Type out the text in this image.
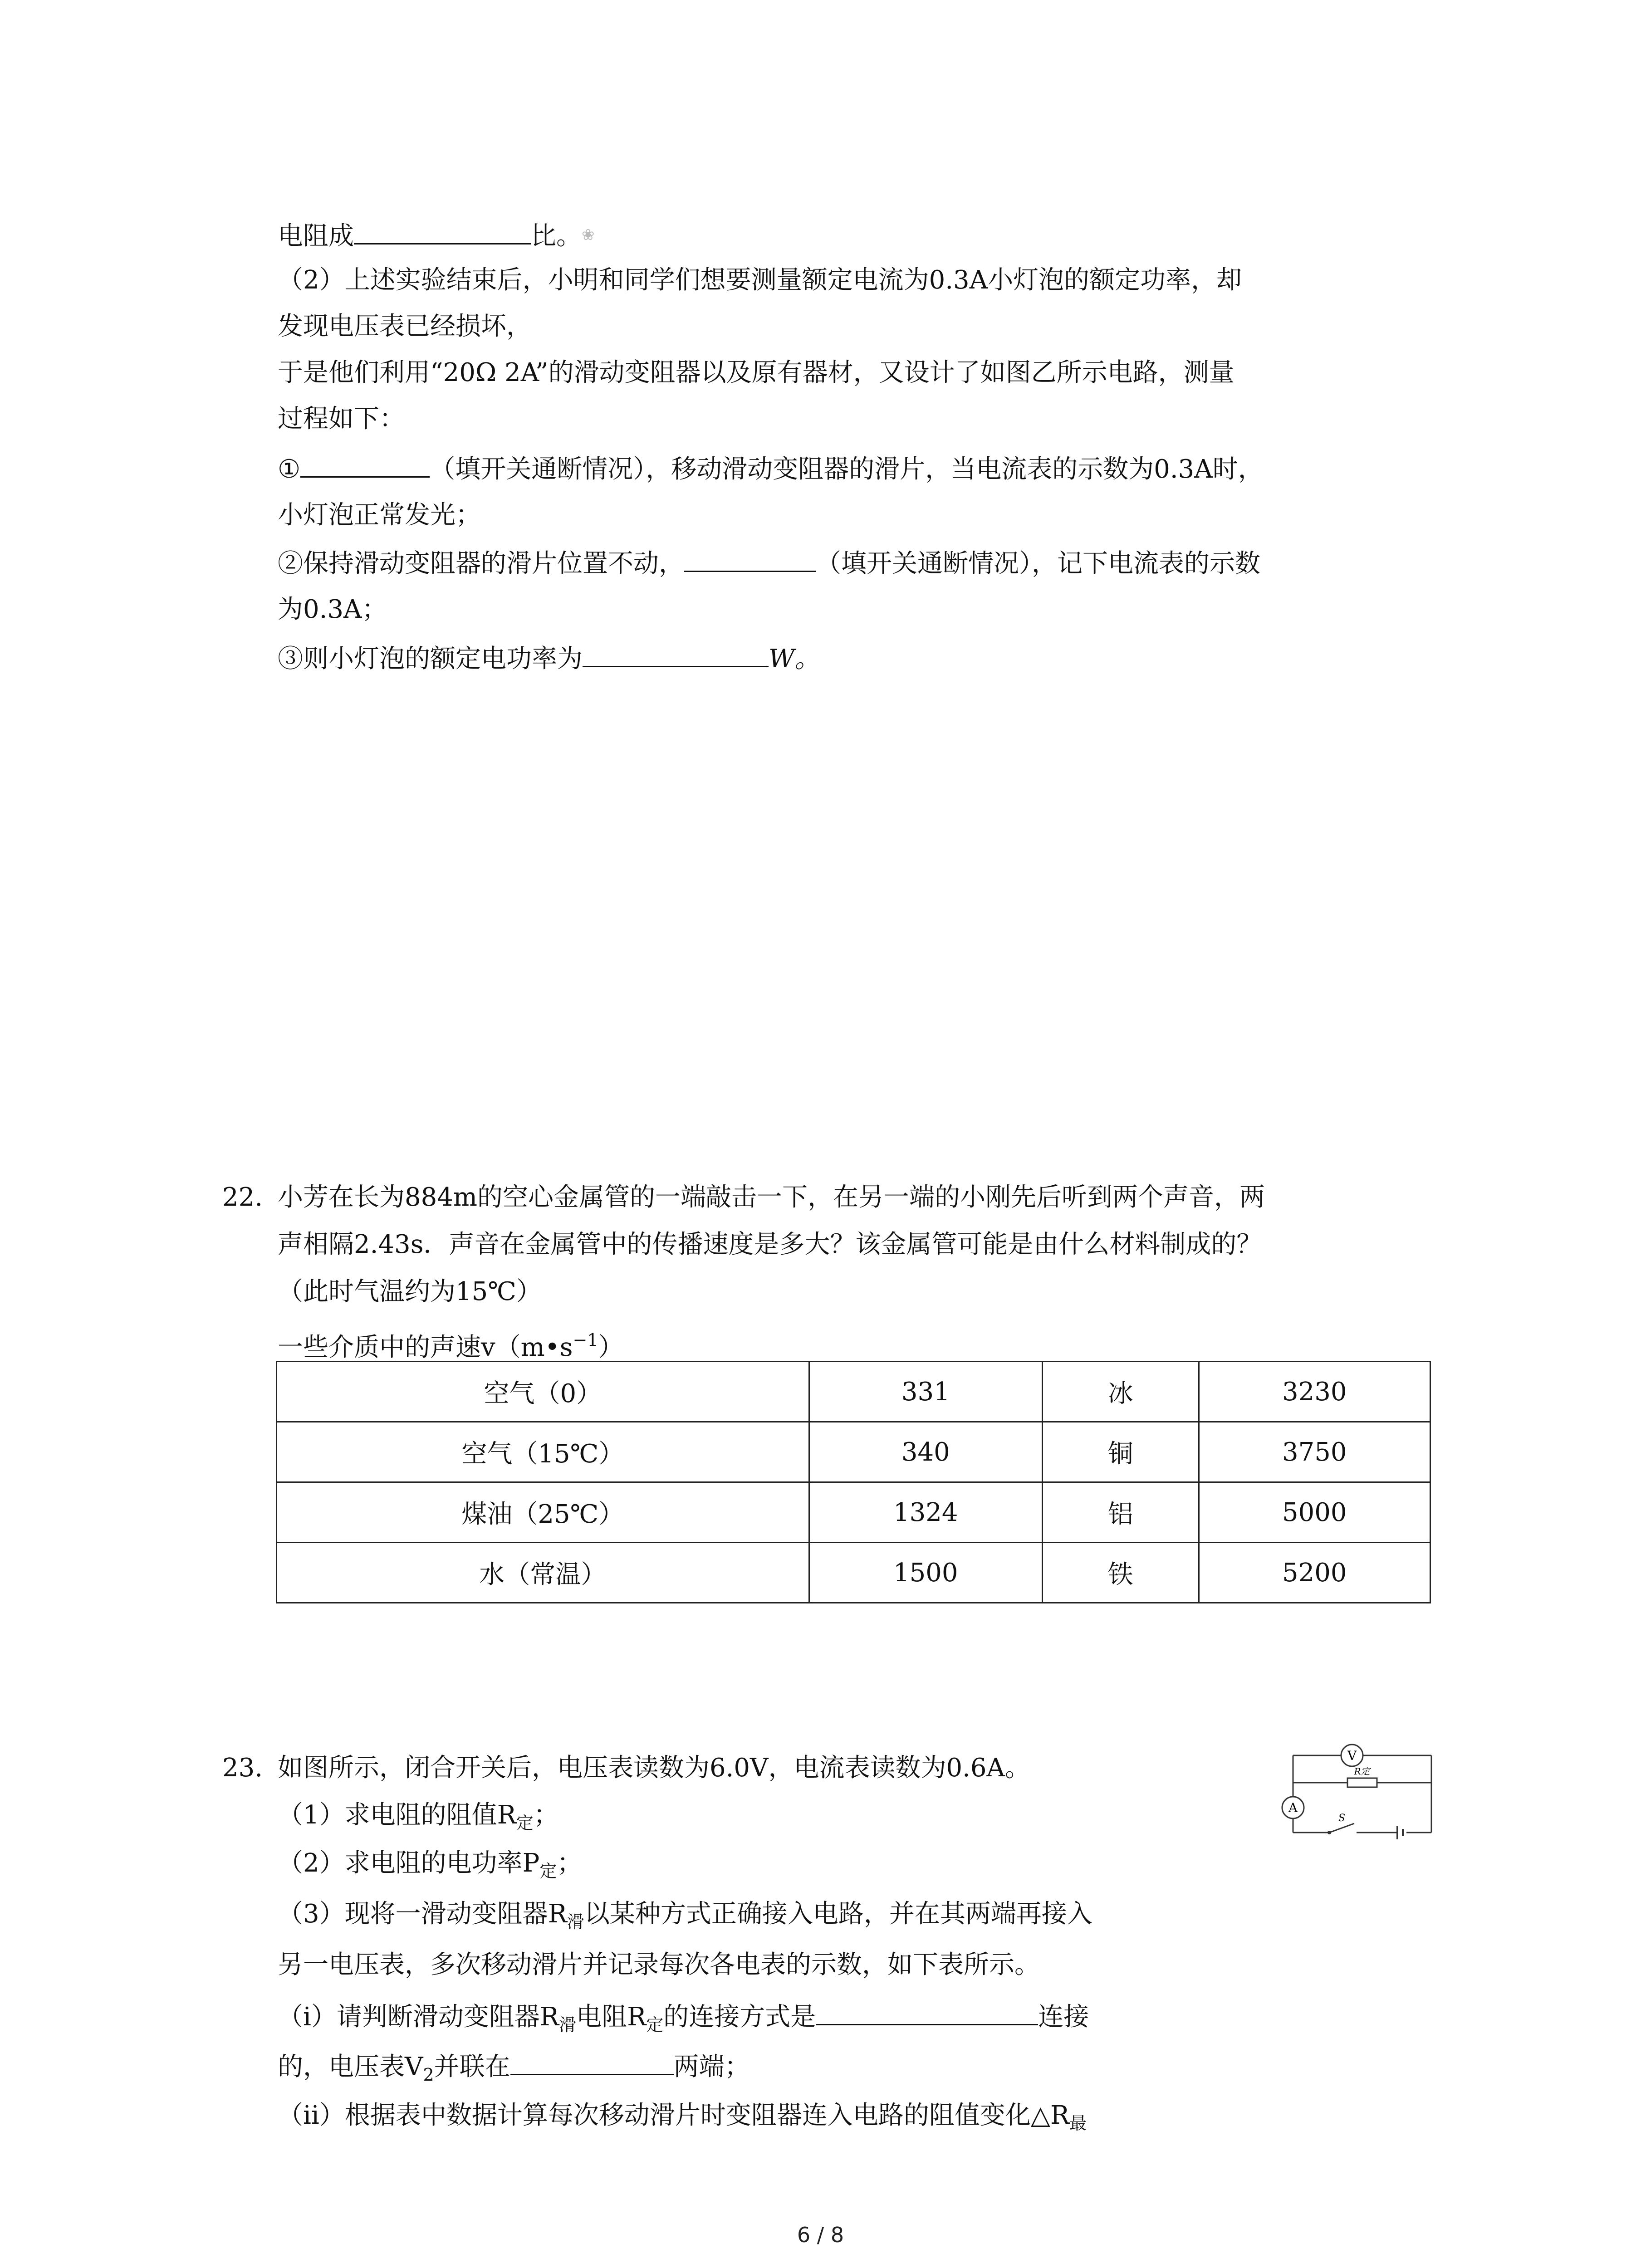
电阻成	比。❀
（2）上述实验结束后，小明和同学们想要测量额定电流为0.3A小灯泡的额定功率，却
发现电压表已经损坏，
于是他们利用“20Ω 2A”的滑动变阻器以及原有器材，又设计了如图乙所示电路，测量
过程如下：
①	（填开关通断情况），移动滑动变阻器的滑片，当电流表的示数为0.3A时，
小灯泡正常发光；
②保持滑动变阻器的滑片位置不动，	（填开关通断情况），记下电流表的示数
为0.3A；
③则小灯泡的额定电功率为	W。
22. 小芳在长为884m的空心金属管的一端敲击一下，在另一端的小刚先后听到两个声音，两
声相隔2.43s．声音在金属管中的传播速度是多大？该金属管可能是由什么材料制成的？
（此时气温约为15℃）
一些介质中的声速$v(m•s^{-1})$
空气（0）	331	冰	3230
空气（15℃）	340	铜	3750
煤油（25℃）	1324	铝	5000
水（常温）	1500	铁	5200
23. 如图所示，闭合开关后，电压表读数为6.0V，电流表读数为0.6A。
（1）求电阻的阻值$R_定$；
（2）求电阻的电功率$P_定$；
（3）现将一滑动变阻器$R_滑$以某种方式正确接入电路，并在其两端再接入
另一电压表，多次移动滑片并记录每次各电表的示数，如下表所示。
（i）请判断滑动变阻器$R_滑$电阻$R_定$的连接方式是	连接
的，电压表$V_2$并联在	两端；
（ii）根据表中数据计算每次移动滑片时变阻器连入电路的阻值变化$\triangle R_最$
V
R定
A
S
6 / 8
